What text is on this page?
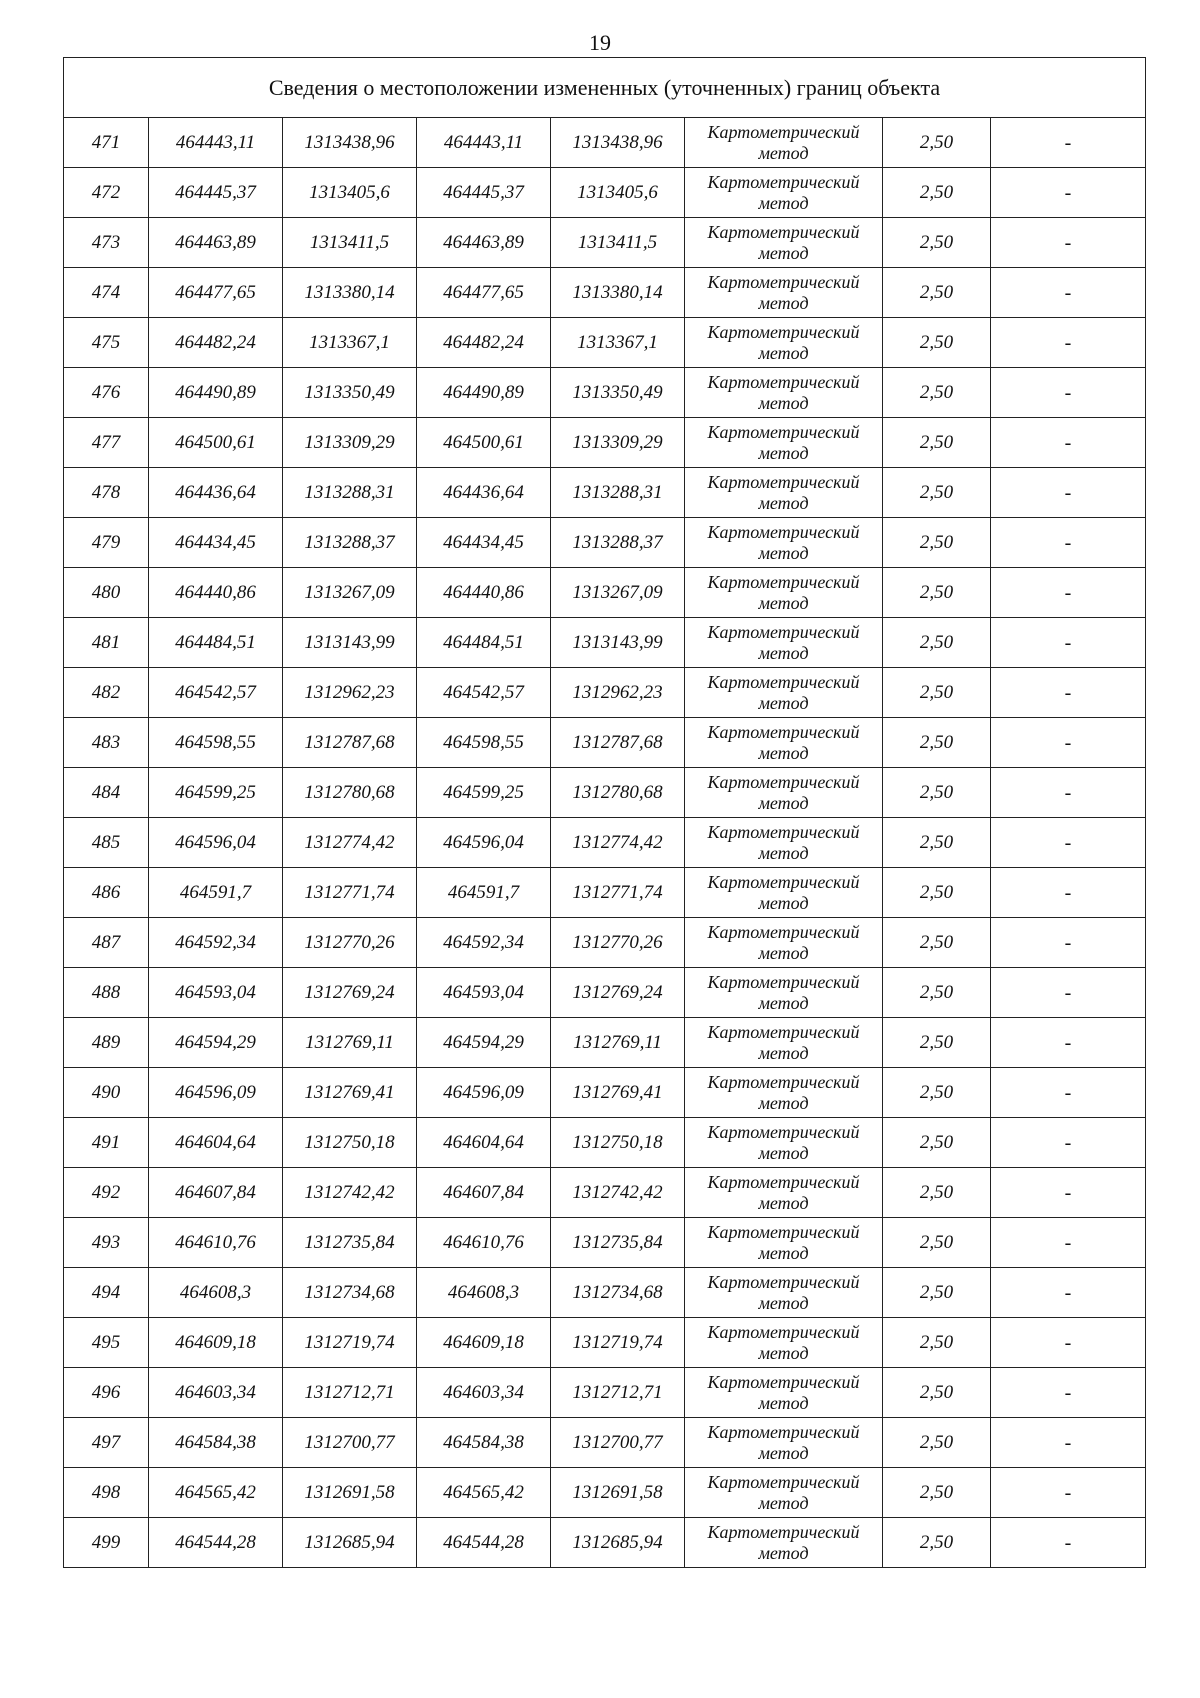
19
Сведения о местоположении измененных (уточненных) границ объекта							
471	464443,11	1313438,96	464443,11	1313438,96	Картометрический метод	2,50	-
472	464445,37	1313405,6	464445,37	1313405,6	Картометрический метод	2,50	-
473	464463,89	1313411,5	464463,89	1313411,5	Картометрический метод	2,50	-
474	464477,65	1313380,14	464477,65	1313380,14	Картометрический метод	2,50	-
475	464482,24	1313367,1	464482,24	1313367,1	Картометрический метод	2,50	-
476	464490,89	1313350,49	464490,89	1313350,49	Картометрический метод	2,50	-
477	464500,61	1313309,29	464500,61	1313309,29	Картометрический метод	2,50	-
478	464436,64	1313288,31	464436,64	1313288,31	Картометрический метод	2,50	-
479	464434,45	1313288,37	464434,45	1313288,37	Картометрический метод	2,50	-
480	464440,86	1313267,09	464440,86	1313267,09	Картометрический метод	2,50	-
481	464484,51	1313143,99	464484,51	1313143,99	Картометрический метод	2,50	-
482	464542,57	1312962,23	464542,57	1312962,23	Картометрический метод	2,50	-
483	464598,55	1312787,68	464598,55	1312787,68	Картометрический метод	2,50	-
484	464599,25	1312780,68	464599,25	1312780,68	Картометрический метод	2,50	-
485	464596,04	1312774,42	464596,04	1312774,42	Картометрический метод	2,50	-
486	464591,7	1312771,74	464591,7	1312771,74	Картометрический метод	2,50	-
487	464592,34	1312770,26	464592,34	1312770,26	Картометрический метод	2,50	-
488	464593,04	1312769,24	464593,04	1312769,24	Картометрический метод	2,50	-
489	464594,29	1312769,11	464594,29	1312769,11	Картометрический метод	2,50	-
490	464596,09	1312769,41	464596,09	1312769,41	Картометрический метод	2,50	-
491	464604,64	1312750,18	464604,64	1312750,18	Картометрический метод	2,50	-
492	464607,84	1312742,42	464607,84	1312742,42	Картометрический метод	2,50	-
493	464610,76	1312735,84	464610,76	1312735,84	Картометрический метод	2,50	-
494	464608,3	1312734,68	464608,3	1312734,68	Картометрический метод	2,50	-
495	464609,18	1312719,74	464609,18	1312719,74	Картометрический метод	2,50	-
496	464603,34	1312712,71	464603,34	1312712,71	Картометрический метод	2,50	-
497	464584,38	1312700,77	464584,38	1312700,77	Картометрический метод	2,50	-
498	464565,42	1312691,58	464565,42	1312691,58	Картометрический метод	2,50	-
499	464544,28	1312685,94	464544,28	1312685,94	Картометрический метод	2,50	-
